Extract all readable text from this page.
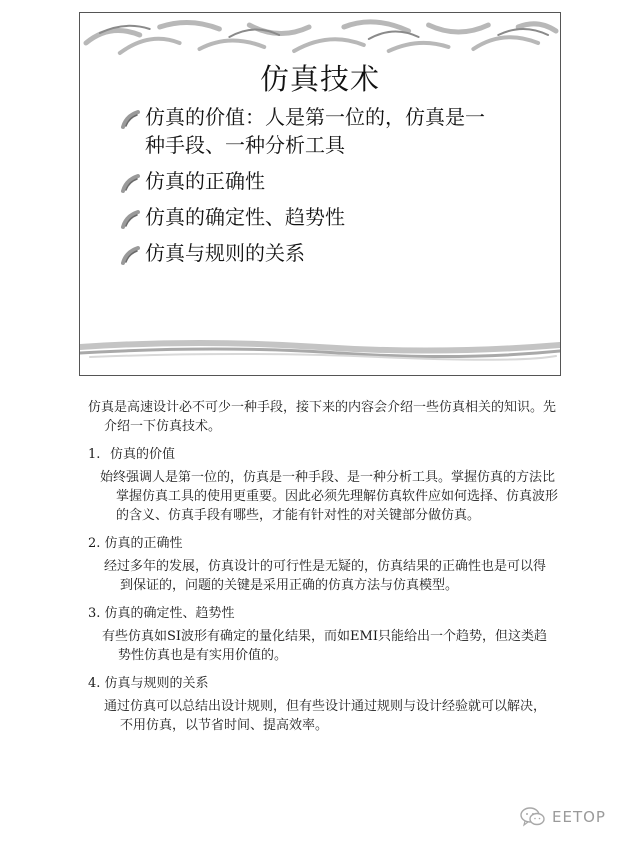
仿真技术
仿真的价值：人是第一位的，仿真是一
种手段、一种分析工具
仿真的正确性
仿真的确定性、趋势性
仿真与规则的关系

仿真是高速设计必不可少一种手段，接下来的内容会介绍一些仿真相关的知识。先介绍一下仿真技术。

1. 仿真的价值

始终强调人是第一位的，仿真是一种手段、是一种分析工具。掌握仿真的方法比掌握仿真工具的使用更重要。因此必须先理解仿真软件应如何选择、仿真波形的含义、仿真手段有哪些，才能有针对性的对关键部分做仿真。

2. 仿真的正确性

经过多年的发展，仿真设计的可行性是无疑的，仿真结果的正确性也是可以得到保证的，问题的关键是采用正确的仿真方法与仿真模型。

3. 仿真的确定性、趋势性

有些仿真如SI波形有确定的量化结果，而如EMI只能给出一个趋势，但这类趋势性仿真也是有实用价值的。

4. 仿真与规则的关系

通过仿真可以总结出设计规则，但有些设计通过规则与设计经验就可以解决，不用仿真，以节省时间、提高效率。

EETOP
